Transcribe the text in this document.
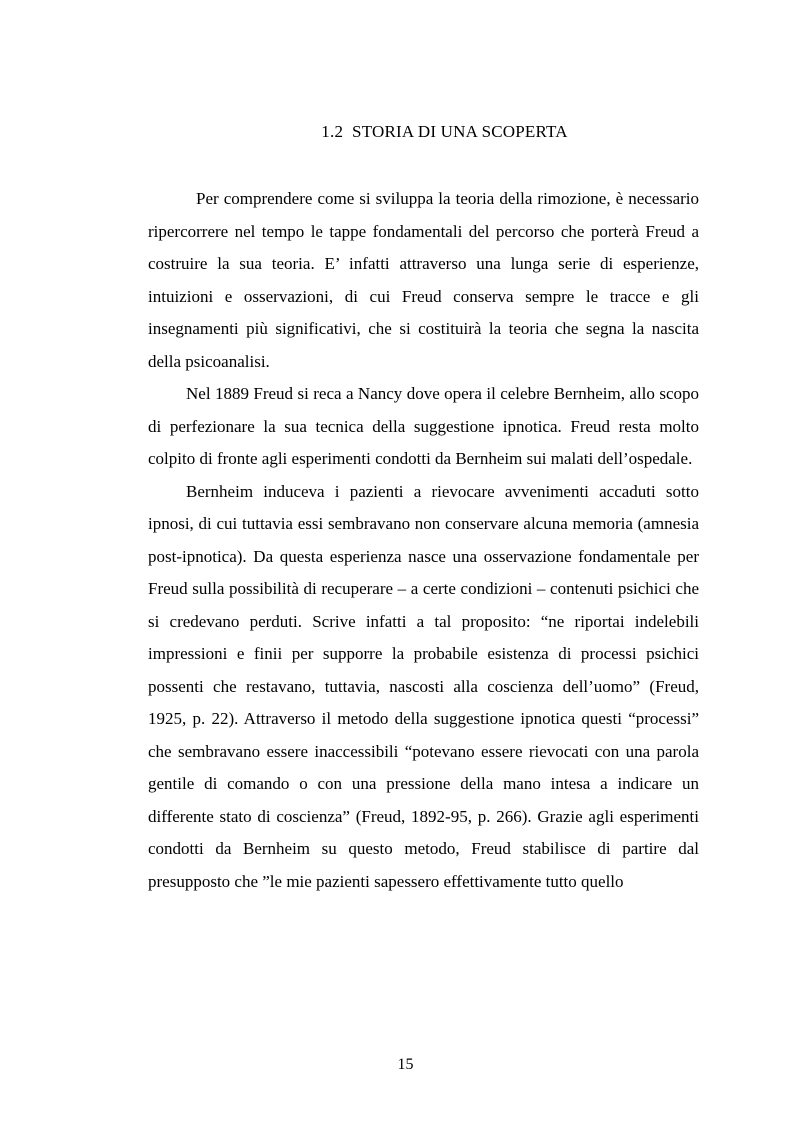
1.2  STORIA DI UNA SCOPERTA

Per comprendere come si sviluppa la teoria della rimozione, è necessario ripercorrere nel tempo le tappe fondamentali del percorso che porterà Freud a costruire la sua teoria. E’ infatti attraverso una lunga serie di esperienze, intuizioni e osservazioni, di cui Freud conserva sempre le tracce e gli insegnamenti più significativi, che si costituirà la teoria che segna la nascita della psicoanalisi.

Nel 1889 Freud si reca a Nancy dove opera il celebre Bernheim, allo scopo di perfezionare la sua tecnica della suggestione ipnotica. Freud resta molto colpito di fronte agli esperimenti condotti da Bernheim sui malati dell’ospedale.

Bernheim induceva i pazienti a rievocare avvenimenti accaduti sotto ipnosi, di cui tuttavia essi sembravano non conservare alcuna memoria (amnesia post-ipnotica). Da questa esperienza nasce una osservazione fondamentale per Freud sulla possibilità di recuperare – a certe condizioni – contenuti psichici che si credevano perduti. Scrive infatti a tal proposito: “ne riportai indelebili impressioni e finii per supporre la probabile esistenza di processi psichici possenti che restavano, tuttavia, nascosti alla coscienza dell’uomo” (Freud, 1925, p. 22). Attraverso il metodo della suggestione ipnotica questi “processi” che sembravano essere inaccessibili “potevano essere rievocati con una parola gentile di comando o con una pressione della mano intesa a indicare un differente stato di coscienza” (Freud, 1892-95, p. 266). Grazie agli esperimenti condotti da Bernheim su questo metodo, Freud stabilisce di partire dal presupposto che ”le mie pazienti sapessero effettivamente tutto quello

15
